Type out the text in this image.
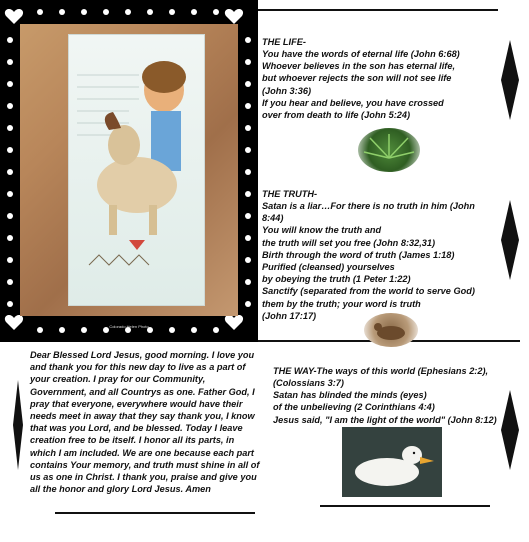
Colorado Helen Photo
THE LIFE-
You have the words of eternal life (John 6:68)
Whoever believes in the son has eternal life,
but whoever rejects the son will not see life
(John 3:36)
If you hear and believe, you have crossed
over from death to life (John 5:24)
THE TRUTH-
Satan is a liar…For there is no truth in him (John
8:44)
You will know the truth and
the truth will set you free (John 8:32,31)
Birth through the word of truth (James 1:18)
Purified (cleansed) yourselves
by obeying the truth (1 Peter 1:22)
Sanctify (separated from the world to serve God)
them by the truth; your word is truth
(John 17:17)
THE WAY-The ways of this world (Ephesians 2:2),
(Colossians 3:7)
Satan has blinded the minds (eyes)
of the unbelieving (2 Corinthians 4:4)
Jesus said, "I am the light of the world" (John 8:12)
Dear Blessed Lord Jesus, good morning. I love you
and thank you for this new day to live as a part of
your creation. I pray for our Community,
Government, and all Countrys as one. Father God, I
pray that everyone, everywhere would have their
needs meet in away that they say thank you, I know
that was you Lord, and be blessed. Today I leave
creation free to be itself. I honor all its parts, in
which I am included. We are one because each part
contains Your memory, and truth must shine in all of
us as one in Christ. I thank you, praise and give you
all the honor and glory Lord Jesus. Amen
